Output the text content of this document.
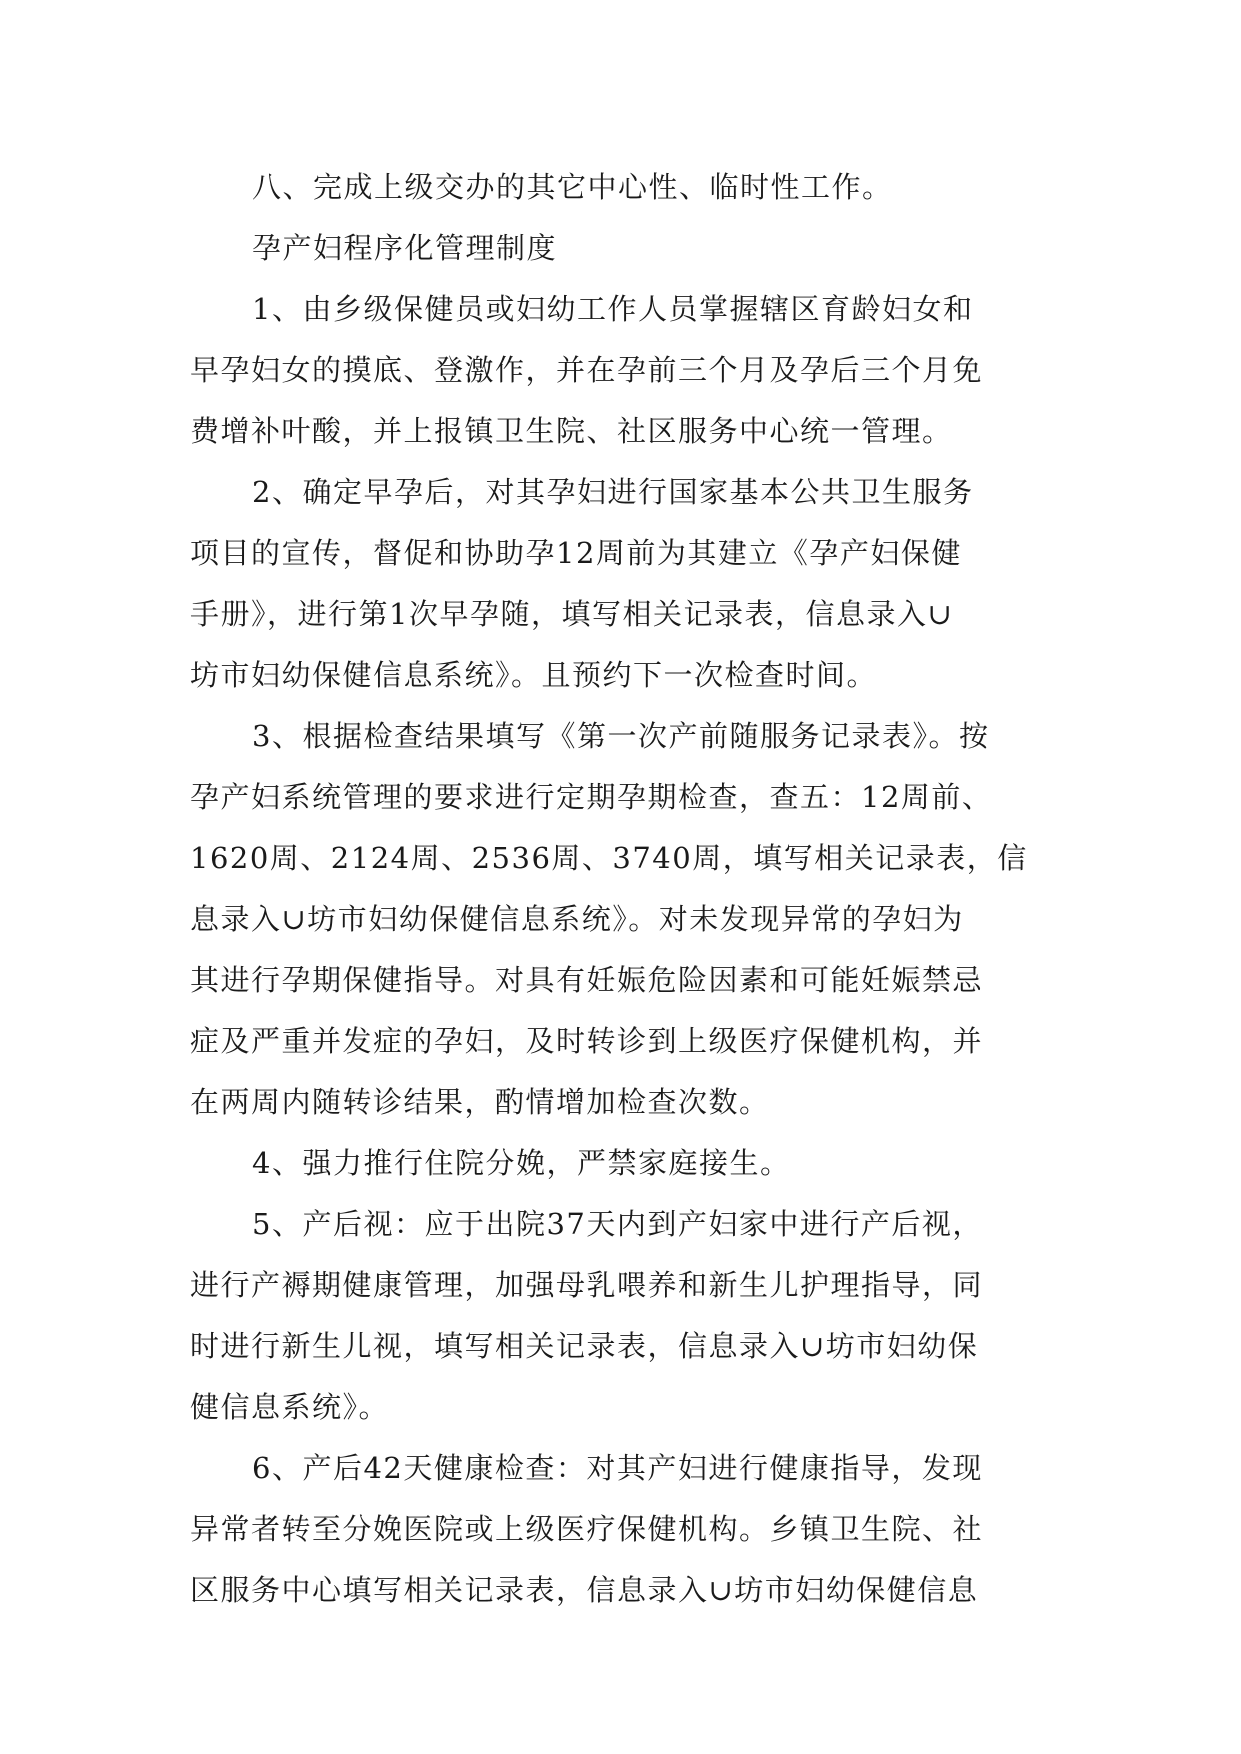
八、完成上级交办的其它中心性、临时性工作。
孕产妇程序化管理制度
1、由乡级保健员或妇幼工作人员掌握辖区育龄妇女和
早孕妇女的摸底、登激作，并在孕前三个月及孕后三个月免
费增补叶酸，并上报镇卫生院、社区服务中心统一管理。
2、确定早孕后，对其孕妇进行国家基本公共卫生服务
项目的宣传，督促和协助孕12周前为其建立《孕产妇保健
手册》，进行第1次早孕随，填写相关记录表，信息录入∪
坊市妇幼保健信息系统》。且预约下一次检查时间。
3、根据检查结果填写《第一次产前随服务记录表》。按
孕产妇系统管理的要求进行定期孕期检查，查五：12周前、
1620周、2124周、2536周、3740周，填写相关记录表，信
息录入∪坊市妇幼保健信息系统》。对未发现异常的孕妇为
其进行孕期保健指导。对具有妊娠危险因素和可能妊娠禁忌
症及严重并发症的孕妇，及时转诊到上级医疗保健机构，并
在两周内随转诊结果，酌情增加检查次数。
4、强力推行住院分娩，严禁家庭接生。
5、产后视：应于出院37天内到产妇家中进行产后视，
进行产褥期健康管理，加强母乳喂养和新生儿护理指导，同
时进行新生儿视，填写相关记录表，信息录入∪坊市妇幼保
健信息系统》。
6、产后42天健康检查：对其产妇进行健康指导，发现
异常者转至分娩医院或上级医疗保健机构。乡镇卫生院、社
区服务中心填写相关记录表，信息录入∪坊市妇幼保健信息
